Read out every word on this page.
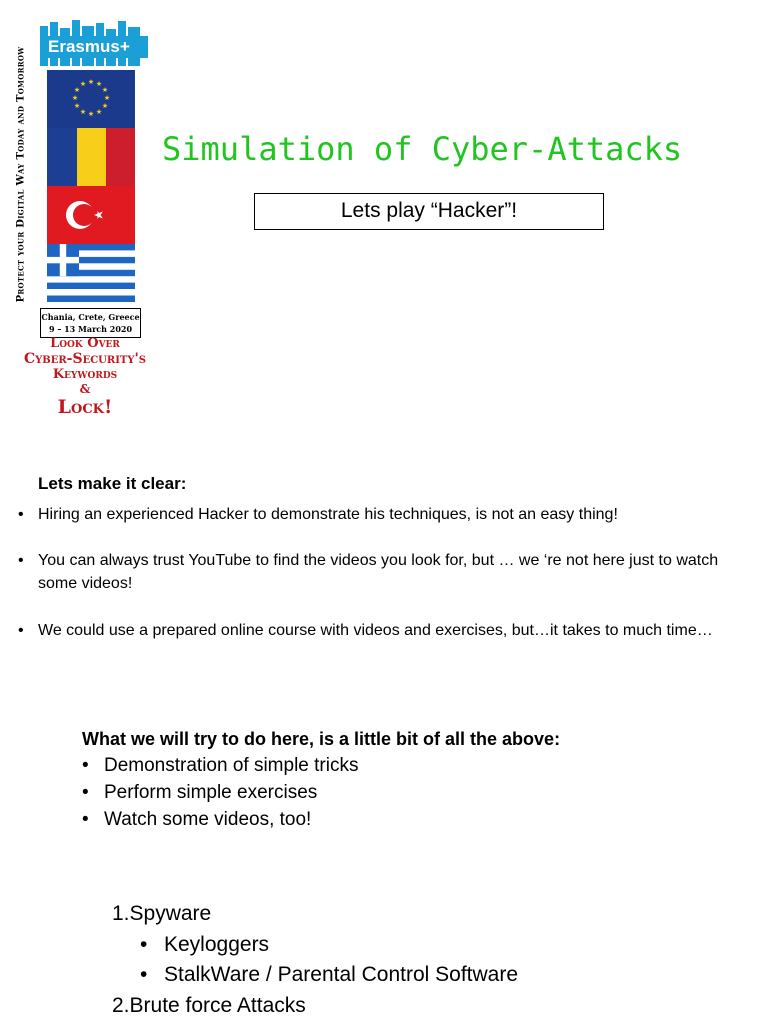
Protect your Digital Way Today and Tomorrow Erasmus+
★ ★
★
★
★
★
★
★
★
★
★
★
Chania, Crete, Greece
9 – 13 March 2020
Look Over
Cyber-Security's
Keywords
&
Lock!
Simulation of Cyber-Attacks
Lets play “Hacker”!
Lets make it clear:
• Hiring an experienced Hacker to demonstrate his techniques, is not an easy thing!
• You can always trust YouTube to find the videos you look for, but … we ‘re not here just to watch some videos!
• We could use a prepared online course with videos and exercises, but…it takes to much time…
What we will try to do here, is a little bit of all the above:
• Demonstration of simple tricks
• Perform simple exercises
• Watch some videos, too!
1.Spyware
• Keyloggers
• StalkWare / Parental Control Software
2.Brute force Attacks
